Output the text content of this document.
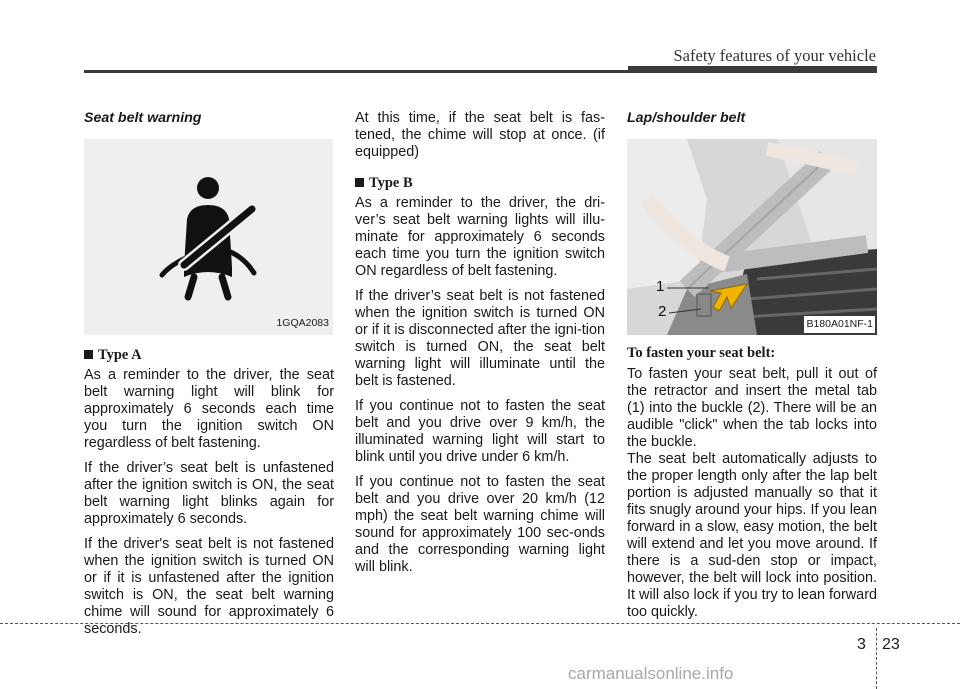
Safety features of your vehicle
Seat belt warning
1GQA2083
Type A

As a reminder to the driver, the seat belt warning light will blink for approximately 6 seconds each time you turn the ignition switch ON regardless of belt fastening.

If the driver’s seat belt is unfastened after the ignition switch is ON, the seat belt warning light blinks again for approximately 6 seconds.

If the driver's seat belt is not fastened when the ignition switch is turned ON or if it is unfastened after the ignition switch is ON, the seat belt warning chime will sound for approximately 6 seconds.

At this time, if the seat belt is fas-tened, the chime will stop at once. (if equipped)

Type B

As a reminder to the driver, the dri-ver’s seat belt warning lights will illu-minate for approximately 6 seconds each time you turn the ignition switch ON regardless of belt fastening.

If the driver’s seat belt is not fastened when the ignition switch is turned ON or if it is disconnected after the igni-tion switch is turned ON, the seat belt warning light will illuminate until the belt is fastened.

If you continue not to fasten the seat belt and you drive over 9 km/h, the illuminated warning light will start to blink until you drive under 6 km/h.

If you continue not to fasten the seat belt and you drive over 20 km/h (12 mph) the seat belt warning chime will sound for approximately 100 sec-onds and the corresponding warning light will blink.

Lap/shoulder belt
1
2
B180A01NF-1
To fasten your seat belt:

To fasten your seat belt, pull it out of the retractor and insert the metal tab (1) into the buckle (2). There will be an audible "click" when the tab locks into the buckle.

The seat belt automatically adjusts to the proper length only after the lap belt portion is adjusted manually so that it fits snugly around your hips. If you lean forward in a slow, easy motion, the belt will extend and let you move around. If there is a sud-den stop or impact, however, the belt will lock into position. It will also lock if you try to lean forward too quickly.

3 23
carmanualsonline.info
